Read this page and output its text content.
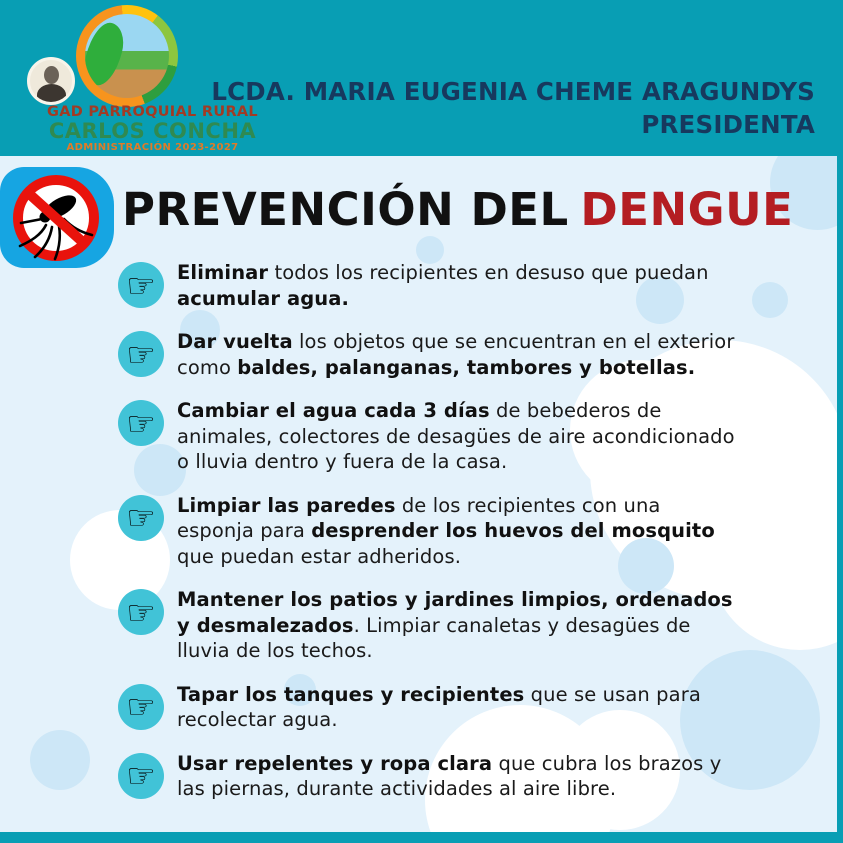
GAD PARROQUIAL RURAL
CARLOS CONCHA
ADMINISTRACIÓN 2023-2027
LCDA. MARIA EUGENIA CHEME ARAGUNDYS
PRESIDENTA
PREVENCIÓN DEL DENGUE
☞	Eliminar todos los recipientes en desuso que puedan acumular agua.
☞	Dar vuelta los objetos que se encuentran en el exterior como baldes, palanganas, tambores y botellas.
☞	Cambiar el agua cada 3 días de bebederos de animales, colectores de desagües de aire acondicionado o lluvia dentro y fuera de la casa.
☞	Limpiar las paredes de los recipientes con una esponja para desprender los huevos del mosquito que puedan estar adheridos.
☞	Mantener los patios y jardines limpios, ordenados y desmalezados. Limpiar canaletas y desagües de lluvia de los techos.
☞	Tapar los tanques y recipientes que se usan para recolectar agua.
☞	Usar repelentes y ropa clara que cubra los brazos y las piernas, durante actividades al aire libre.
